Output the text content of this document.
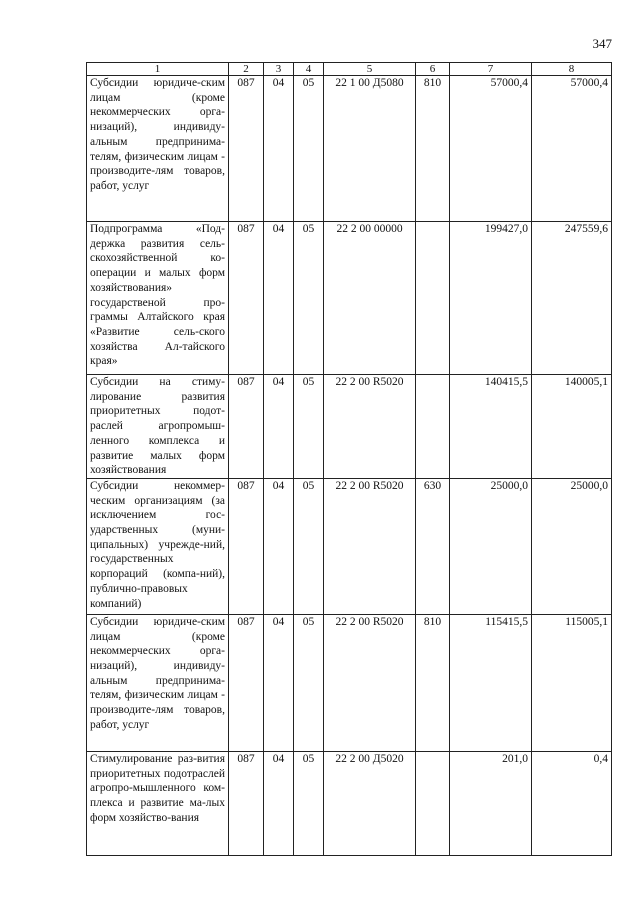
347
1	2	3	4	5	6	7	8
Субсидии юридиче-ским лицам (кроме некоммерческих орга-низаций), индивиду-альным предпринима-телям, физическим лицам - производите-лям товаров, работ, услуг	087	04	05	22 1 00 Д5080	810	57000,4	57000,4
Подпрограмма «Под-держка развития сель-скохозяйственной ко-операции и малых форм хозяйствования» государственой про-граммы Алтайского края «Развитие сель-ского хозяйства Ал-тайского края»	087	04	05	22 2 00 00000		199427,0	247559,6
Субсидии на стиму-лирование развития приоритетных подот-раслей агропромыш-ленного комплекса и развитие малых форм хозяйствования	087	04	05	22 2 00 R5020		140415,5	140005,1
Субсидии некоммер-ческим организациям (за исключением гос-ударственных (муни-ципальных) учрежде-ний, государственных корпораций (компа-ний), публично-правовых компаний)	087	04	05	22 2 00 R5020	630	25000,0	25000,0
Субсидии юридиче-ским лицам (кроме некоммерческих орга-низаций), индивиду-альным предпринима-телям, физическим лицам - производите-лям товаров, работ, услуг	087	04	05	22 2 00 R5020	810	115415,5	115005,1
Стимулирование раз-вития приоритетных подотраслей агропро-мышленного ком-плекса и развитие ма-лых форм хозяйство-вания	087	04	05	22 2 00 Д5020		201,0	0,4
